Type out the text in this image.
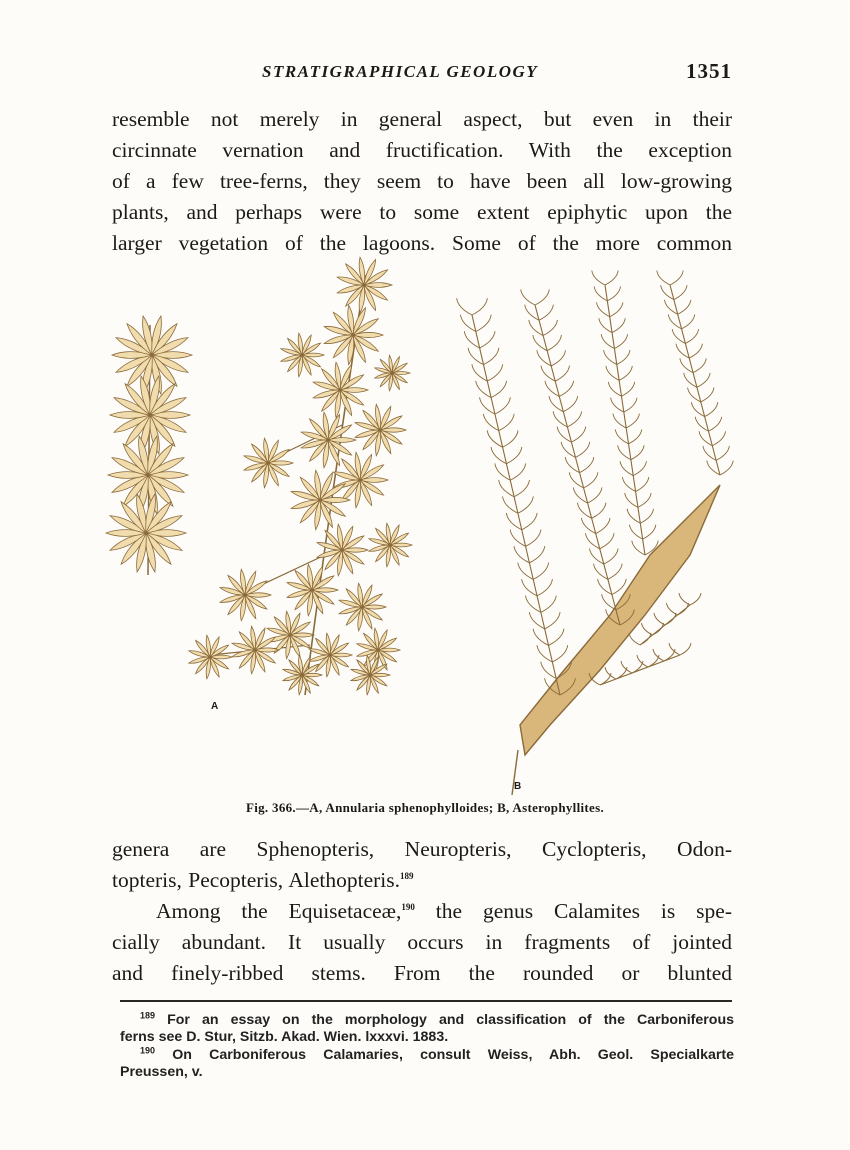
STRATIGRAPHICAL GEOLOGY	1351
resemble not merely in general aspect, but even in their
circinnate vernation and fructification. With the exception
of a few tree-ferns, they seem to have been all low-growing
plants, and perhaps were to some extent epiphytic upon the
larger vegetation of the lagoons. Some of the more common
A
B
Fig. 366.—A, Annularia sphenophylloides; B, Asterophyllites.
genera are Sphenopteris, Neuropteris, Cyclopteris, Odon-
topteris, Pecopteris, Alethopteris.$^{189}$
Among the Equisetaceæ,$^{190}$ the genus Calamites is spe-
cially abundant. It usually occurs in fragments of jointed
and finely-ribbed stems. From the rounded or blunted
$^{189}$ For an essay on the morphology and classification of the Carboniferous
ferns see D. Stur, Sitzb. Akad. Wien. lxxxvi. 1883.
$^{190}$ On Carboniferous Calamaries, consult Weiss, Abh. Geol. Specialkarte
Preussen, v.
